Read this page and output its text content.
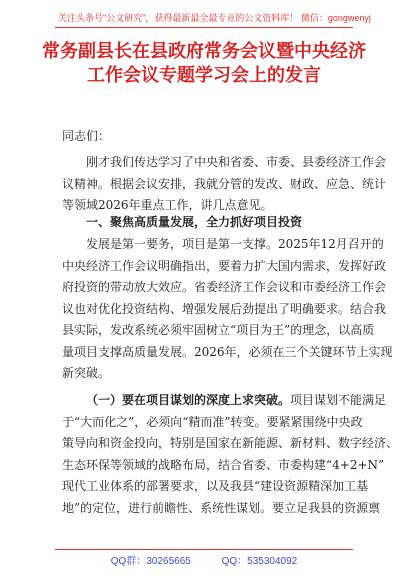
关注头条号"公文研究"，获得最新最全最专业的公文资料库！ 微信：gongwenyj
常务副县长在县政府常务会议暨中央经济
工作会议专题学习会上的发言
同志们：
刚才我们传达学习了中央和省委、市委、县委经济工作会
议精神。根据会议安排，我就分管的发改、财政、应急、统计
等领域2026年重点工作，讲几点意见。
一、聚焦高质量发展，全力抓好项目投资
发展是第一要务，项目是第一支撑。2025年12月召开的
中央经济工作会议明确指出，要着力扩大国内需求，发挥好政
府投资的带动放大效应。省委经济工作会议和市委经济工作会
议也对优化投资结构、增强发展后劲提出了明确要求。结合我
县实际，发改系统必须牢固树立“项目为王”的理念，以高质
量项目支撑高质量发展。2026年，必须在三个关键环节上实现
新突破。
（一）要在项目谋划的深度上求突破。项目谋划不能满足
于“大而化之”，必须向“精而准”转变。要紧紧围绕中央政
策导向和资金投向，特别是国家在新能源、新材料、数字经济、
生态环保等领域的战略布局，结合省委、市委构建“4+2+N”
现代工业体系的部署要求，以及我县“建设资源精深加工基
地”的定位，进行前瞻性、系统性谋划。要立足我县的资源禀
QQ群：30265665	QQ：535304092
